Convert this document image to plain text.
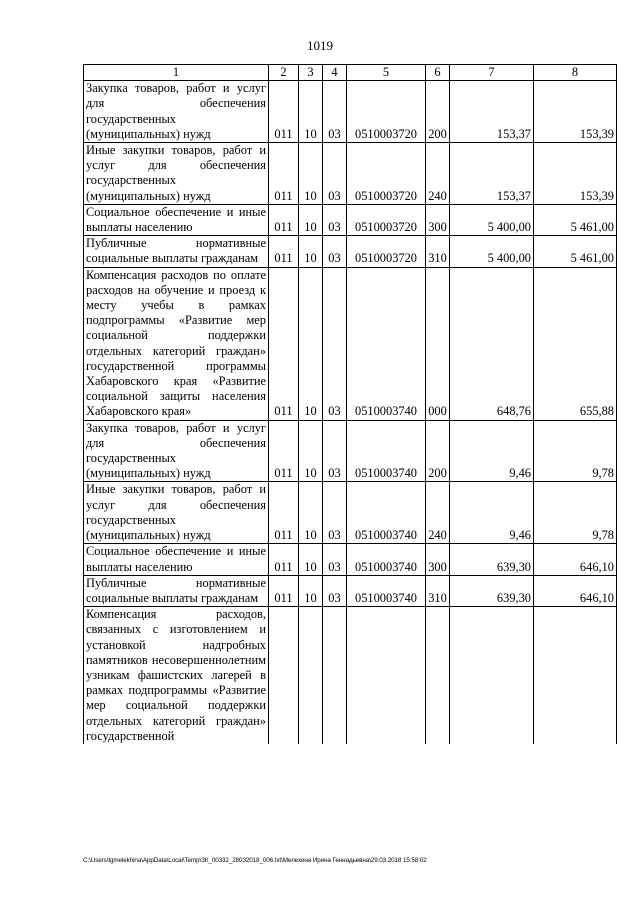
1019
1	2	3	4	5	6	7	8
Закупка товаров, работ и услуг для обеспечения государственных (муниципальных) нужд	011	10	03	0510003720	200	153,37	153,39
Иные закупки товаров, работ и услуг для обеспечения государственных (муниципальных) нужд	011	10	03	0510003720	240	153,37	153,39
Социальное обеспечение и иные выплаты населению	011	10	03	0510003720	300	5 400,00	5 461,00
Публичные нормативные социальные выплаты гражданам	011	10	03	0510003720	310	5 400,00	5 461,00
Компенсация расходов по оплате расходов на обучение и проезд к месту учебы в рамках подпрограммы «Развитие мер социальной поддержки отдельных категорий граждан» государственной программы Хабаровского края «Развитие социальной защиты населения Хабаровского края»	011	10	03	0510003740	000	648,76	655,88
Закупка товаров, работ и услуг для обеспечения государственных (муниципальных) нужд	011	10	03	0510003740	200	9,46	9,78
Иные закупки товаров, работ и услуг для обеспечения государственных (муниципальных) нужд	011	10	03	0510003740	240	9,46	9,78
Социальное обеспечение и иные выплаты населению	011	10	03	0510003740	300	639,30	646,10
Публичные нормативные социальные выплаты гражданам	011	10	03	0510003740	310	639,30	646,10
Компенсация расходов, связанных с изготовлением и установкой надгробных памятников несовершеннолетним узникам фашистских лагерей в рамках подпрограммы «Развитие мер социальной поддержки отдельных категорий граждан» государственной							
C:\Users\tgmelekhina\AppData\Local\Temp\ЗК_00332_28032018_006.txt\Мелехина Ирина Геннадьевна\29.03.2018 15:58:02
